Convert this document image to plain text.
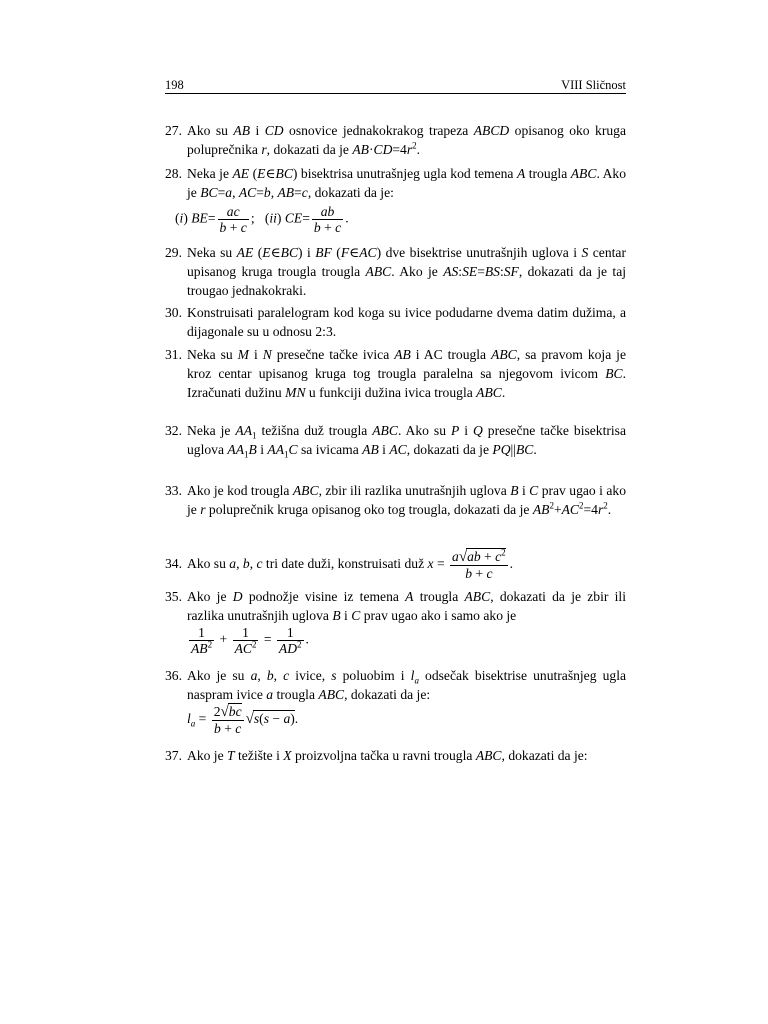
198	VIII Sličnost
27. Ako su AB i CD osnovice jednakokrakog trapeza ABCD opisanog oko kruga poluprečnika r, dokazati da je $AB\cdot CD=4r^2$.
28. Neka je AE (E∈BC) bisektrisa unutrašnjeg ugla kod temena A trougla ABC. Ako je BC=a, AC=b, AB=c, dokazati da je:
(i) $BE= \frac{ac}{b + c}$ ;   (ii) $CE= \frac{ab}{b + c}$ .
29. Neka su AE (E∈BC) i BF (F∈AC) dve bisektrise unutrašnjih uglova i S centar upisanog kruga trougla trougla ABC. Ako je AS:SE=BS:SF, dokazati da je taj trougao jednakokraki.
30. Konstruisati paralelogram kod koga su ivice podudarne dvema datim dužima, a dijagonale su u odnosu 2:3.
31. Neka su M i N presečne tačke ivica AB i AC trougla ABC, sa pravom koja je kroz centar upisanog kruga tog trougla paralelna sa njegovom ivicom BC. Izračunati dužinu MN u funkciji dužina ivica trougla ABC.
32. Neka je $AA_1$ težišna duž trougla ABC. Ako su P i Q presečne tačke bisektrisa uglova $AA_1B$ i $AA_1C$ sa ivicama AB i AC, dokazati da je PQ||BC.
33. Ako je kod trougla ABC, zbir ili razlika unutrašnjih uglova B i C prav ugao i ako je r poluprečnik kruga opisanog oko tog trougla, dokazati da je $AB^2+AC^2=4r^2$.
34. Ako su a, b, c tri date duži, konstruisati duž $x = \frac{a√ab + c^2}{b + c}$ .
35. Ako je D podnožje visine iz temena A trougla ABC, dokazati da je zbir ili razlika unutrašnjih uglova B i C prav ugao ako i samo ako je
$\frac{1}{AB^2} + \frac{1}{AC^2} = \frac{1}{AD^2}$ .
36. Ako je su a, b, c ivice, s poluobim i $l_a$ odsečak bisektrise unutrašnjeg ugla naspram ivice a trougla ABC, dokazati da je:
$l_a = \frac{2√bc}{b + c} √s(s - a)$.
37. Ako je T težište i X proizvoljna tačka u ravni trougla ABC, dokazati da je:
